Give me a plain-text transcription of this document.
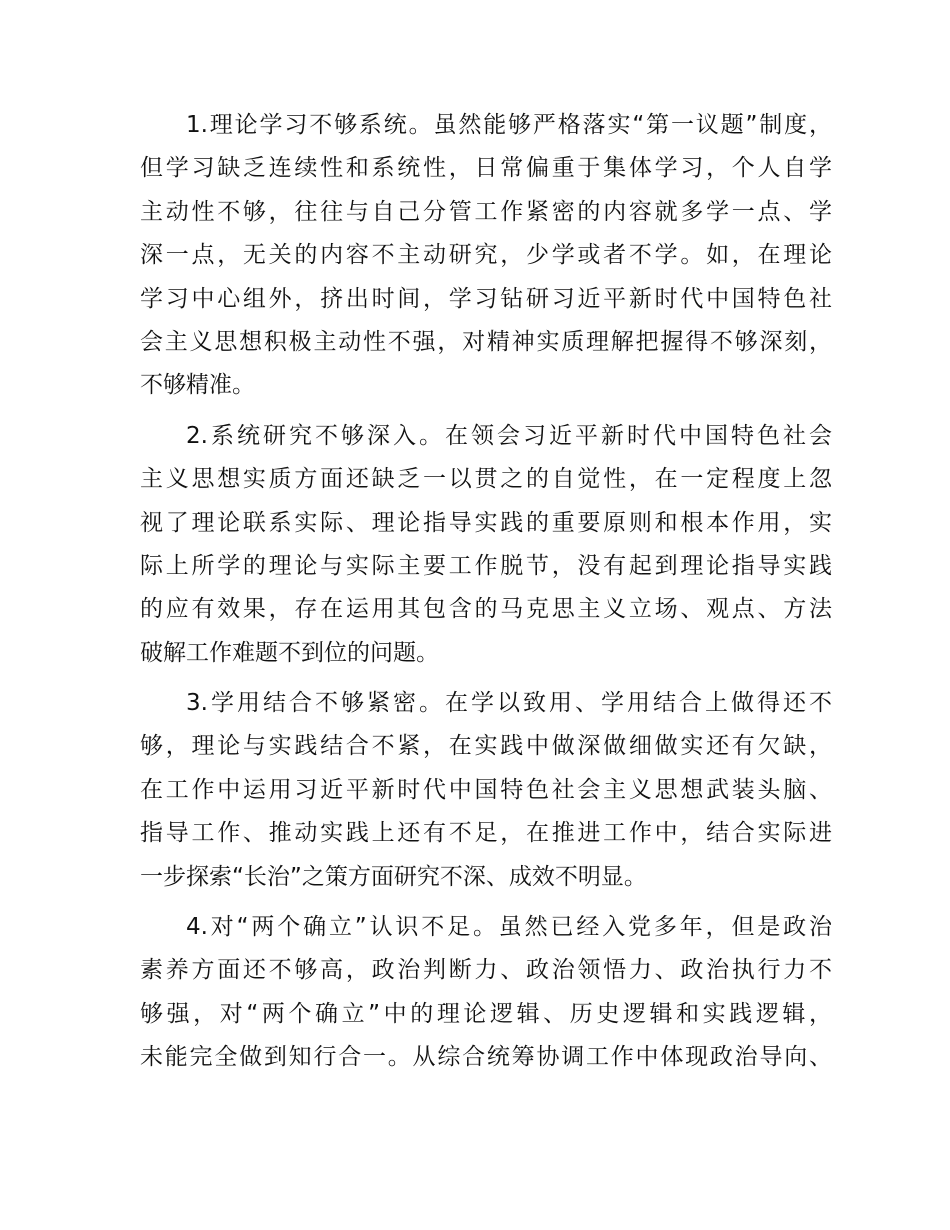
1.理论学习不够系统。虽然能够严格落实“第一议题”制度，
但学习缺乏连续性和系统性，日常偏重于集体学习，个人自学
主动性不够，往往与自己分管工作紧密的内容就多学一点、学
深一点，无关的内容不主动研究，少学或者不学。如，在理论
学习中心组外，挤出时间，学习钻研习近平新时代中国特色社
会主义思想积极主动性不强，对精神实质理解把握得不够深刻，
不够精准。
2.系统研究不够深入。在领会习近平新时代中国特色社会
主义思想实质方面还缺乏一以贯之的自觉性，在一定程度上忽
视了理论联系实际、理论指导实践的重要原则和根本作用，实
际上所学的理论与实际主要工作脱节，没有起到理论指导实践
的应有效果，存在运用其包含的马克思主义立场、观点、方法
破解工作难题不到位的问题。
3.学用结合不够紧密。在学以致用、学用结合上做得还不
够，理论与实践结合不紧，在实践中做深做细做实还有欠缺，
在工作中运用习近平新时代中国特色社会主义思想武装头脑、
指导工作、推动实践上还有不足，在推进工作中，结合实际进
一步探索“长治”之策方面研究不深、成效不明显。
4.对“两个确立”认识不足。虽然已经入党多年，但是政治
素养方面还不够高，政治判断力、政治领悟力、政治执行力不
够强，对“两个确立”中的理论逻辑、历史逻辑和实践逻辑，
未能完全做到知行合一。从综合统筹协调工作中体现政治导向、
